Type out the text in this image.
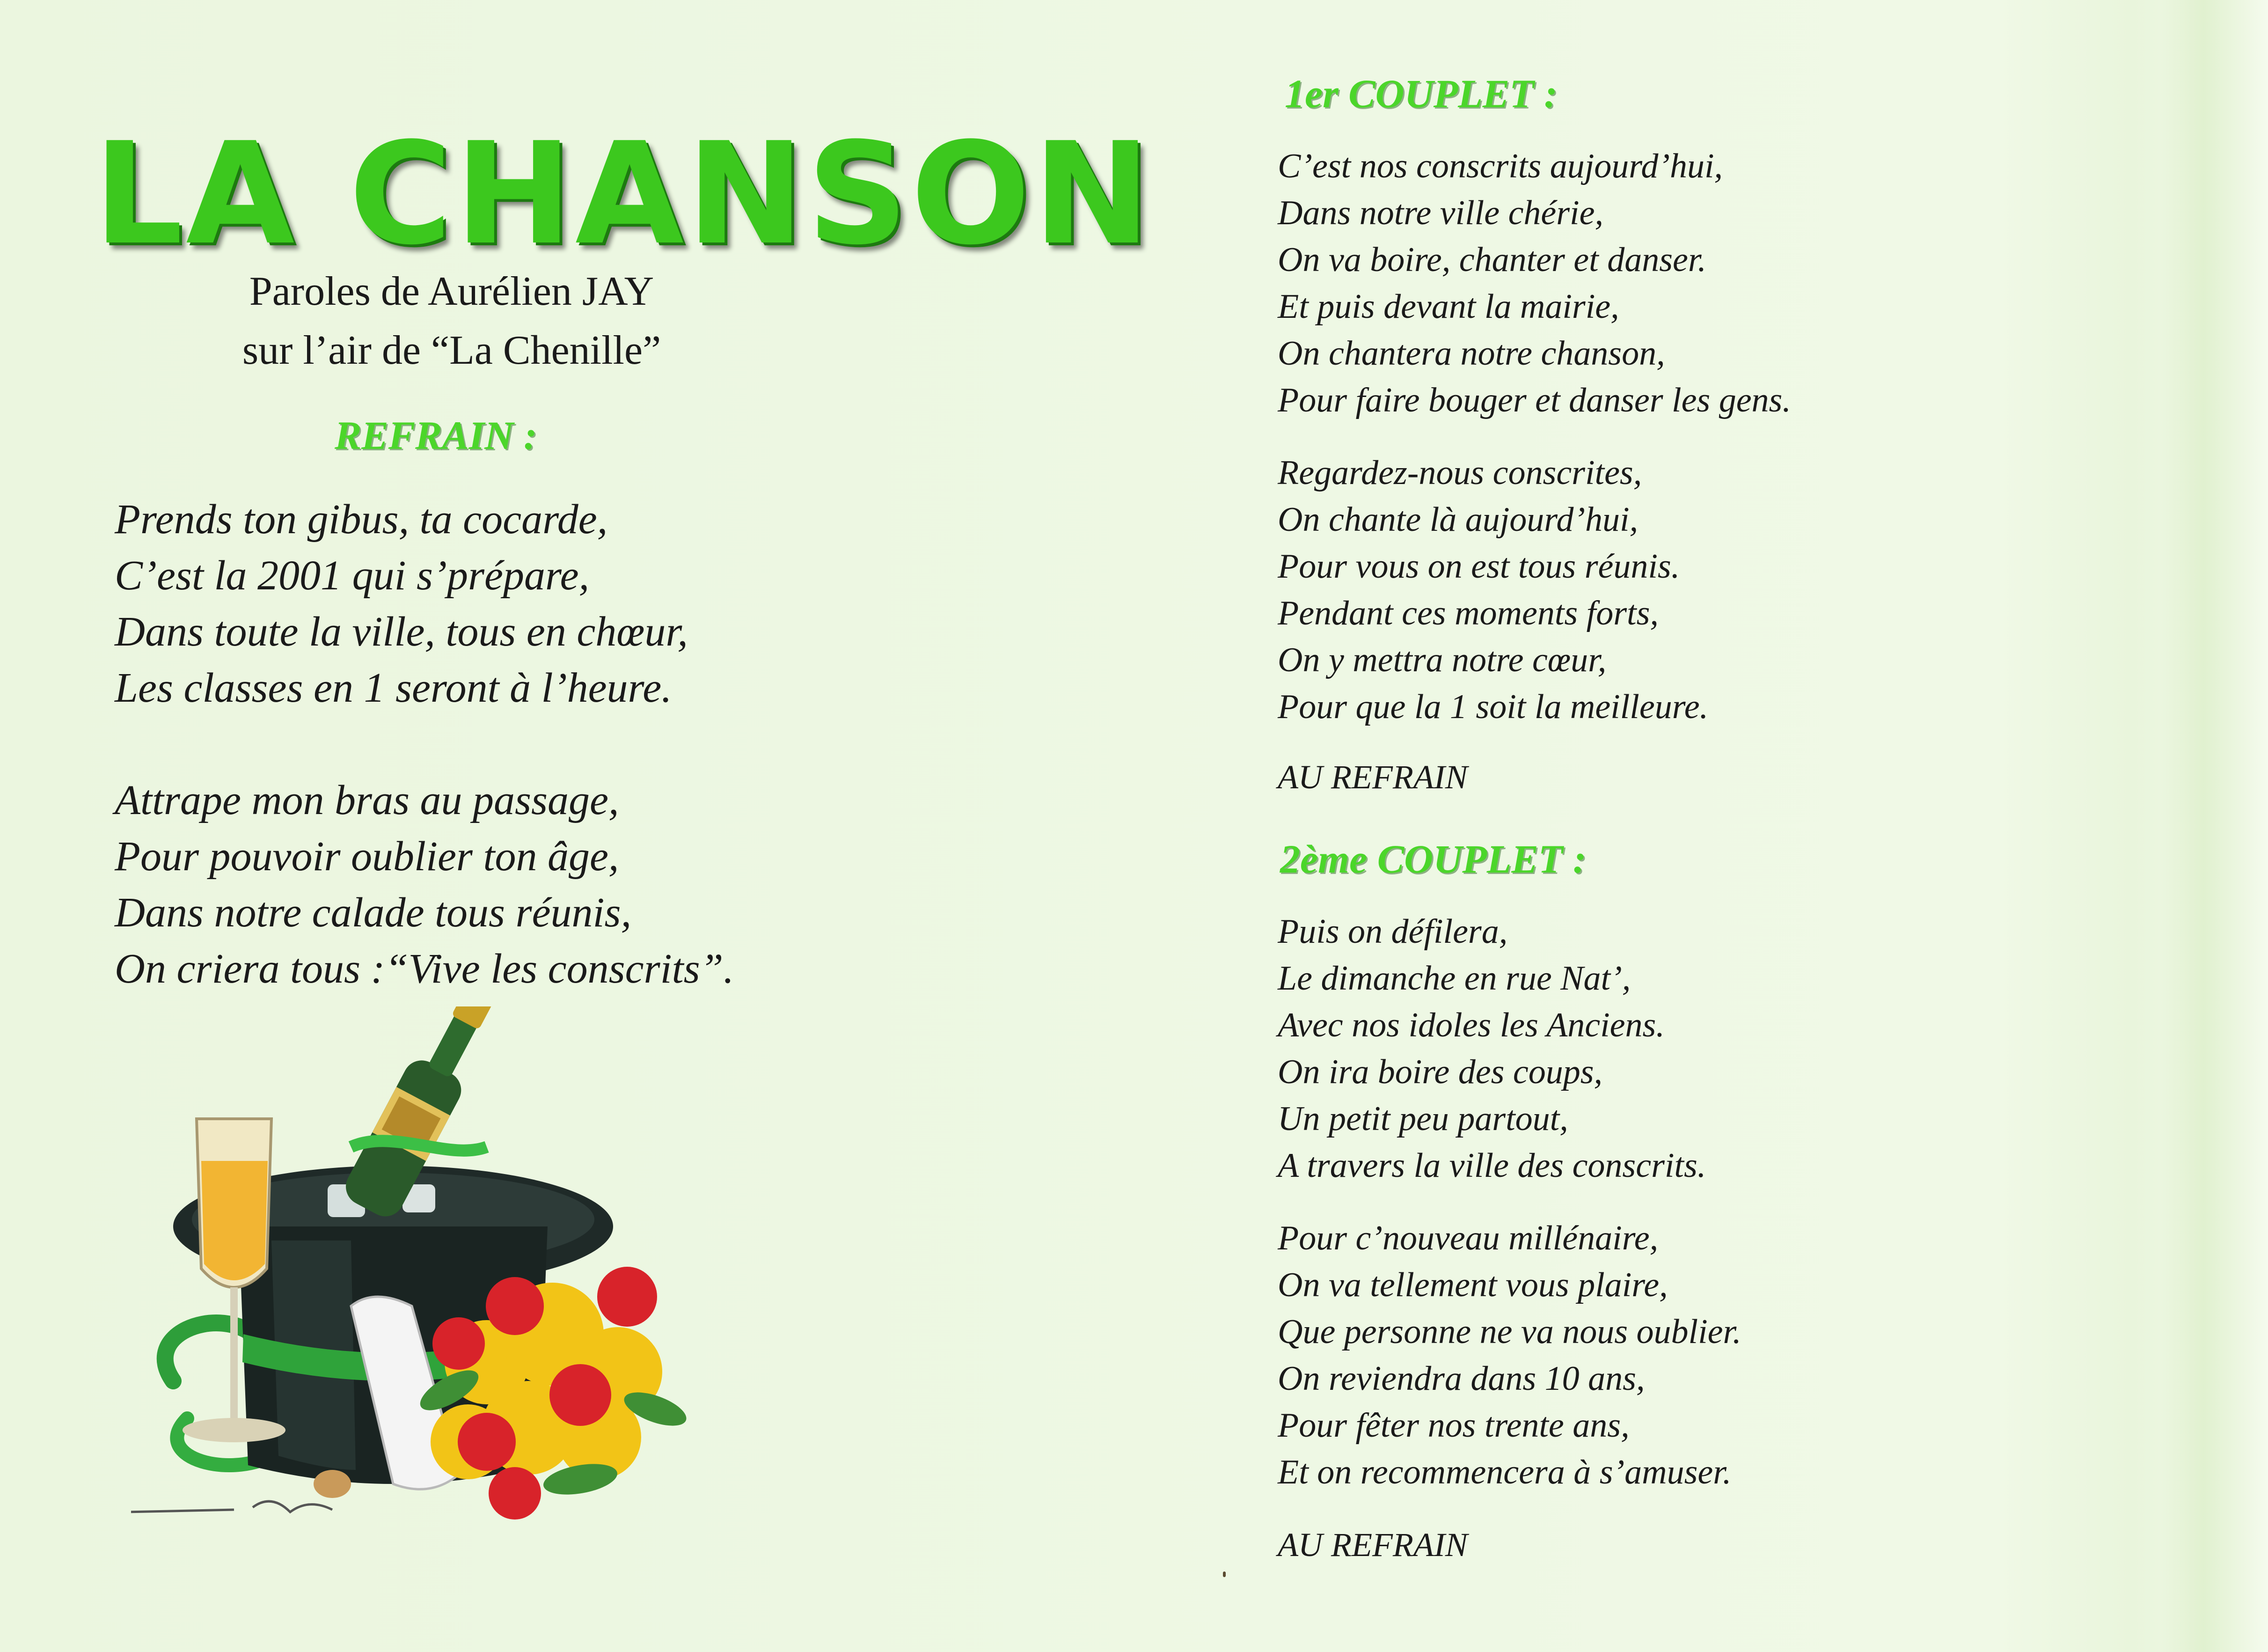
LA CHANSON
Paroles de Aurélien JAY
sur l’air de “La Chenille”
REFRAIN :
Prends ton gibus, ta cocarde,
C’est la 2001 qui s’prépare,
Dans toute la ville, tous en chœur,
Les classes en 1 seront à l’heure.
Attrape mon bras au passage,
Pour pouvoir oublier ton âge,
Dans notre calade tous réunis,
On criera tous :“Vive les conscrits”.
1er COUPLET :
C’est nos conscrits aujourd’hui,
Dans notre ville chérie,
On va boire, chanter et danser.
Et puis devant la mairie,
On chantera notre chanson,
Pour faire bouger et danser les gens.
Regardez-nous conscrites,
On chante là aujourd’hui,
Pour vous on est tous réunis.
Pendant ces moments forts,
On y mettra notre cœur,
Pour que la 1 soit la meilleure.
AU REFRAIN
2ème COUPLET :
Puis on défilera,
Le dimanche en rue Nat’,
Avec nos idoles les Anciens.
On ira boire des coups,
Un petit peu partout,
A travers la ville des conscrits.
Pour c’nouveau millénaire,
On va tellement vous plaire,
Que personne ne va nous oublier.
On reviendra dans 10 ans,
Pour fêter nos trente ans,
Et on recommencera à s’amuser.
AU REFRAIN
